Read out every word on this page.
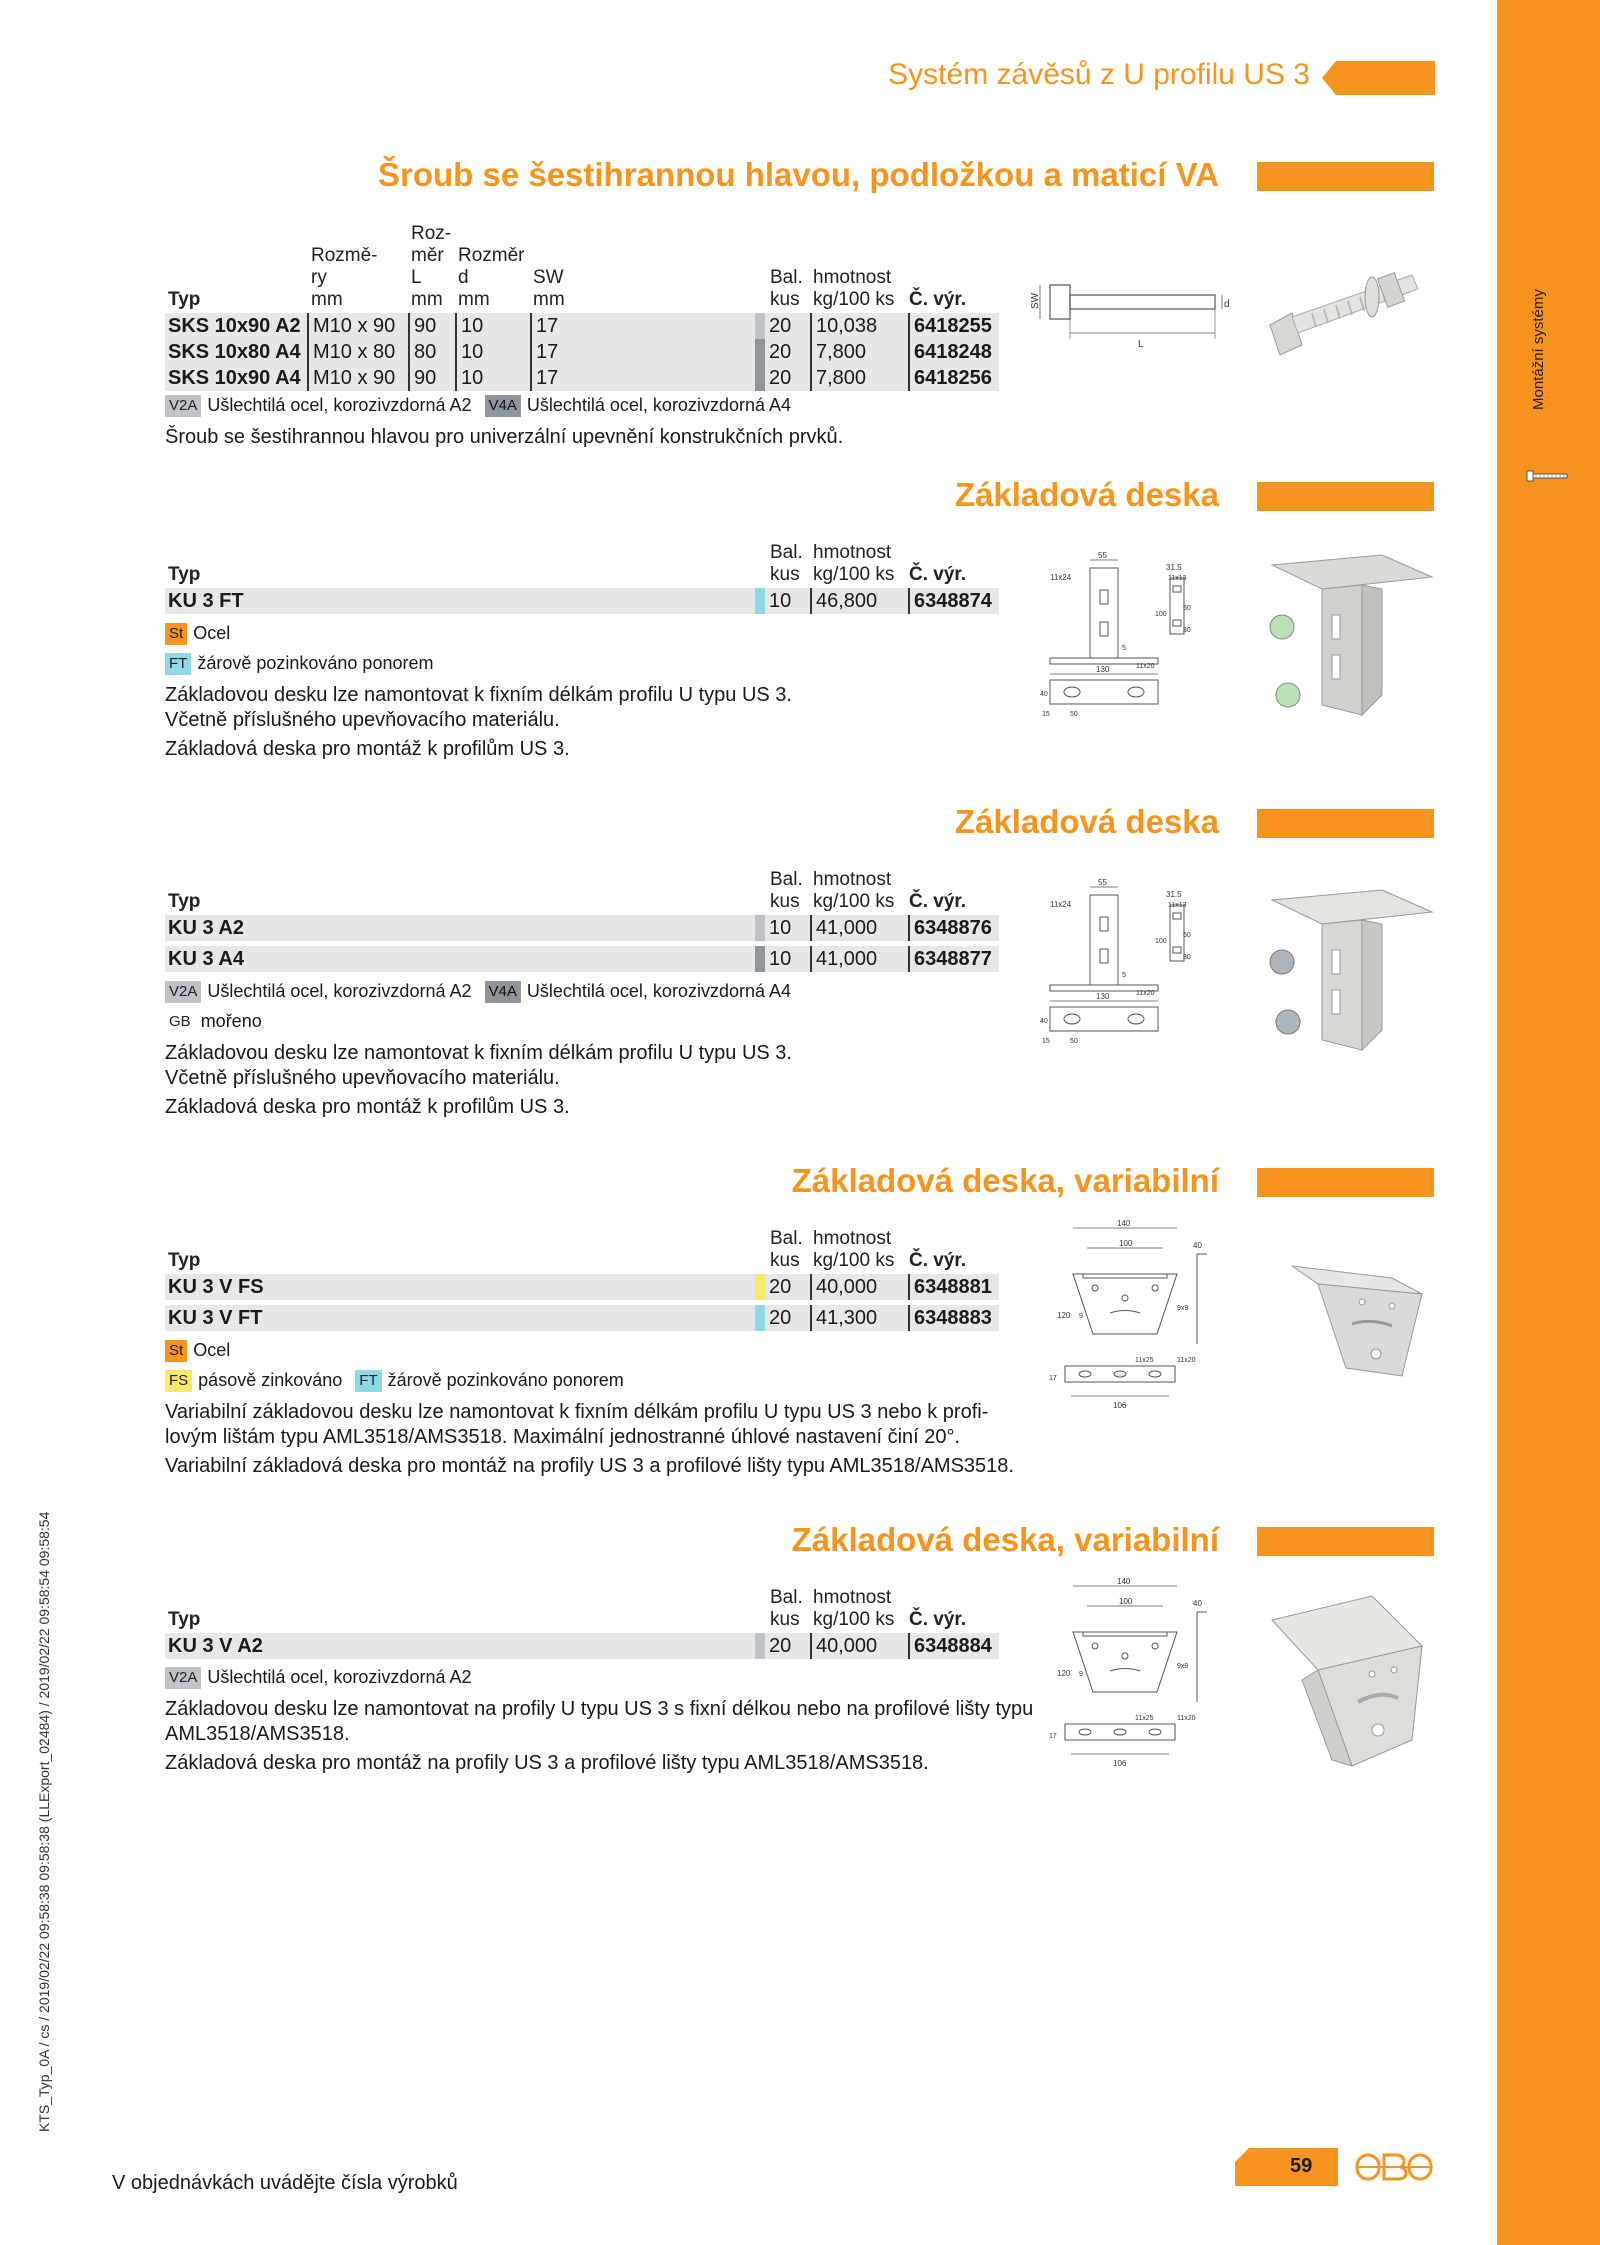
Montážní systémy
Systém závěsů z U profilu US 3
Šroub se šestihrannou hlavou, podložkou a maticí VA
Rozmě-
ry
mm
Roz-
měr
L
mm
Rozměr
d
mm
SW
mm
Typ
Bal.
kus
hmotnost
kg/100 ks Č. výr.
SKS 10x90 A2 M10 x 90 90	10	17	20	10,038	6418255
SKS 10x80 A4 M10 x 80 80	10	17	20	7,800	6418248
SKS 10x90 A4 M10 x 90 90	10	17	20	7,800	6418256
V2A Ušlechtilá ocel, korozivzdorná A2 V4A Ušlechtilá ocel, korozivzdorná A4
Šroub se šestihrannou hlavou pro univerzální upevnění konstrukčních prvků.
SW	d
L
Základová deska
Typ
Bal.
kus
hmotnost
kg/100 ks Č. výr.
KU 3 FT	10	46,800	6348874
St Ocel
FT žárově pozinkováno ponorem
Základovou desku lze namontovat k fixním délkám profilu U typu US 3.
Včetně příslušného upevňovacího materiálu.
Základová deska pro montáž k profilům US 3.
55
11x24
31.5
11x13
100
50
30
5
130	11x20
40
15	50
Základová deska
Typ
Bal.
kus
hmotnost
kg/100 ks Č. výr.
KU 3 A2	10	41,000	6348876
KU 3 A4	10	41,000	6348877
V2A Ušlechtilá ocel, korozivzdorná A2 V4A Ušlechtilá ocel, korozivzdorná A4
GB mořeno
Základovou desku lze namontovat k fixním délkám profilu U typu US 3.
Včetně příslušného upevňovacího materiálu.
Základová deska pro montáž k profilům US 3.
55
11x24
31.5
11x13
100
50
30
5
130	11x20
40
15	50
Základová deska, variabilní
Typ
Bal.
kus
hmotnost
kg/100 ks Č. výr.
KU 3 V FS	20	40,000	6348881
KU 3 V FT	20	41,300	6348883
St Ocel
FS pásově zinkováno FT žárově pozinkováno ponorem
Variabilní základovou desku lze namontovat k fixním délkám profilu U typu US 3 nebo k profi-
lovým lištám typu AML3518/AMS3518. Maximální jednostranné úhlové nastavení činí 20°.
Variabilní základová deska pro montáž na profily US 3 a profilové lišty typu AML3518/AMS3518.
140
100	40
120 9
9x9
11x25	11x20
17
106
Základová deska, variabilní
Typ
Bal.
kus
hmotnost
kg/100 ks Č. výr.
KU 3 V A2	20	40,000	6348884
V2A Ušlechtilá ocel, korozivzdorná A2
Základovou desku lze namontovat na profily U typu US 3 s fixní délkou nebo na profilové lišty typu
AML3518/AMS3518.
Základová deska pro montáž na profily US 3 a profilové lišty typu AML3518/AMS3518.
140
100	40
120 9
9x9
11x25	11x20
17
106
KTS_Typ_0A / cs / 2019/02/22 09:58:38 09:58:38 (LLExport_02484) / 2019/02/22 09:58:54 09:58:54
V objednávkách uvádějte čísla výrobků
59
